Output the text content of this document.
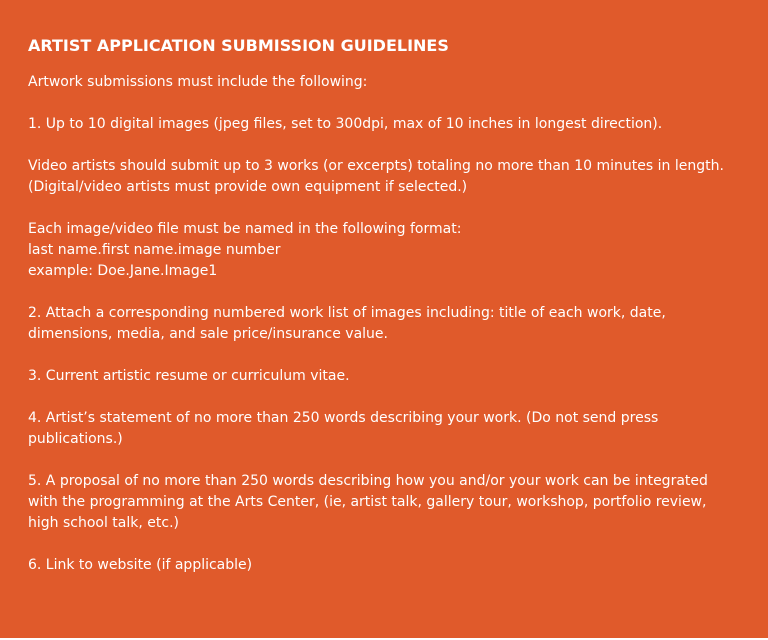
ARTIST APPLICATION SUBMISSION GUIDELINES
Artwork submissions must include the following:
1. Up to 10 digital images (jpeg files, set to 300dpi, max of 10 inches in longest direction).
Video artists should submit up to 3 works (or excerpts) totaling no more than 10 minutes in length.
(Digital/video artists must provide own equipment if selected.)
Each image/video file must be named in the following format:
last name.first name.image number
example: Doe.Jane.Image1
2. Attach a corresponding numbered work list of images including: title of each work, date, dimensions, media, and sale price/insurance value.
3. Current artistic resume or curriculum vitae.
4. Artist’s statement of no more than 250 words describing your work. (Do not send press publications.)
5. A proposal of no more than 250 words describing how you and/or your work can be integrated with the programming at the Arts Center, (ie, artist talk, gallery tour, workshop, portfolio review, high school talk, etc.)
6. Link to website (if applicable)
